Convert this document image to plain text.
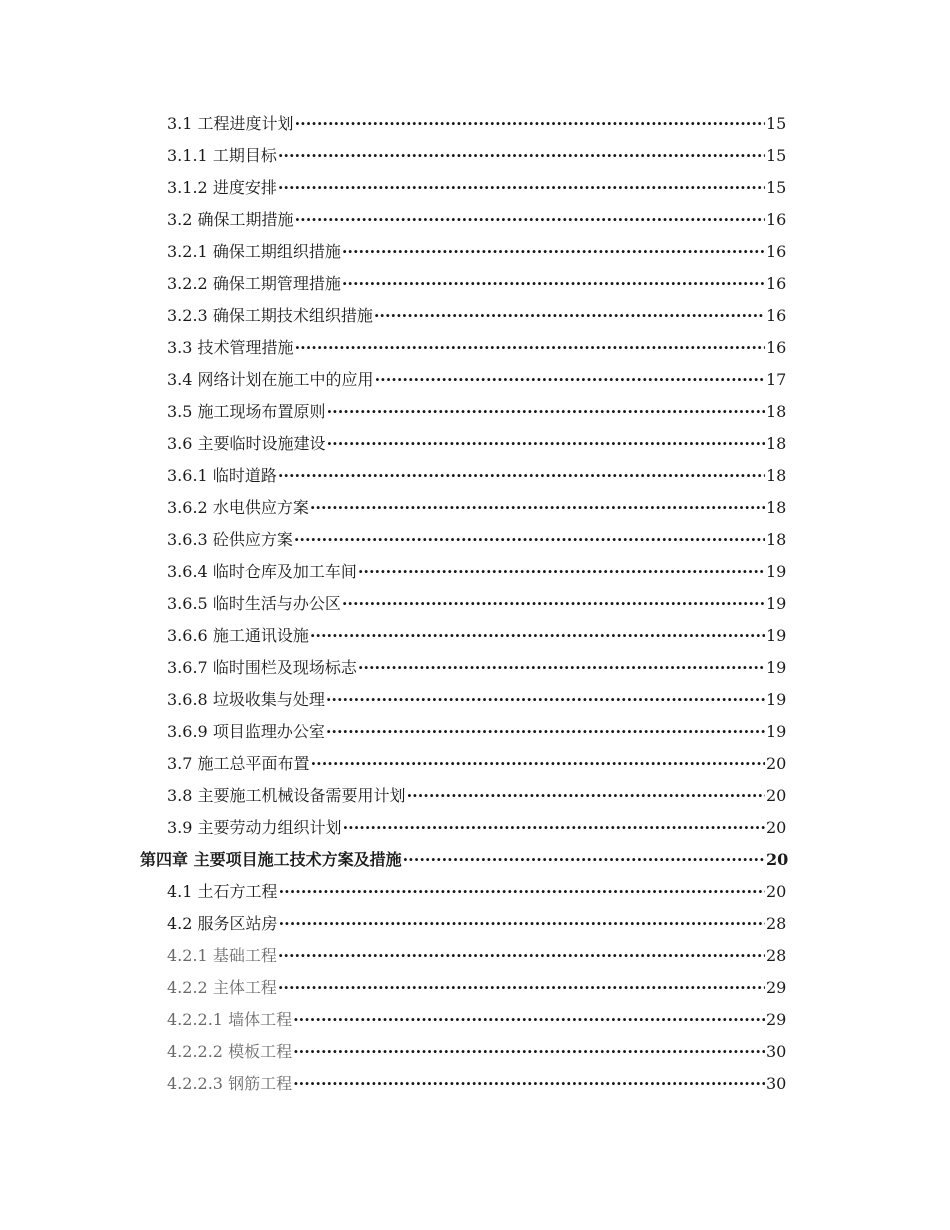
3.1
工程进度计划 ·····	15
3.1.1
工期目标 ·····	15
3.1.2
进度安排 ·····	15
3.2
确保工期措施 ·····	16
3.2.1
确保工期组织措施 ·····	16
3.2.2
确保工期管理措施 ·····	16
3.2.3
确保工期技术组织措施 ·····	16
3.3
技术管理措施 ·····	16
3.4
网络计划在施工中的应用 ·····	17
3.5
施工现场布置原则 ·····	18
3.6
主要临时设施建设 ·····	18
3.6.1
临时道路 ·····	18
3.6.2
水电供应方案 ·····	18
3.6.3
砼供应方案 ·····	18
3.6.4
临时仓库及加工车间 ·····	19
3.6.5
临时生活与办公区 ·····	19
3.6.6
施工通讯设施 ·····	19
3.6.7
临时围栏及现场标志 ·····	19
3.6.8
垃圾收集与处理 ·····	19
3.6.9
项目监理办公室 ·····	19
3.7
施工总平面布置 ·····	20
3.8
主要施工机械设备需要用计划 ·····	20
3.9
主要劳动力组织计划 ·····	20
第四章
主要项目施工技术方案及措施 ·····	20
4.1
土石方工程 ·····	20
4.2
服务区站房 ·····	28
4.2.1
基础工程 ·····	28
4.2.2
主体工程 ·····	29
4.2.2.1
墙体工程 ·····	29
4.2.2.2
模板工程 ·····	30
4.2.2.3
钢筋工程 ·····	30
